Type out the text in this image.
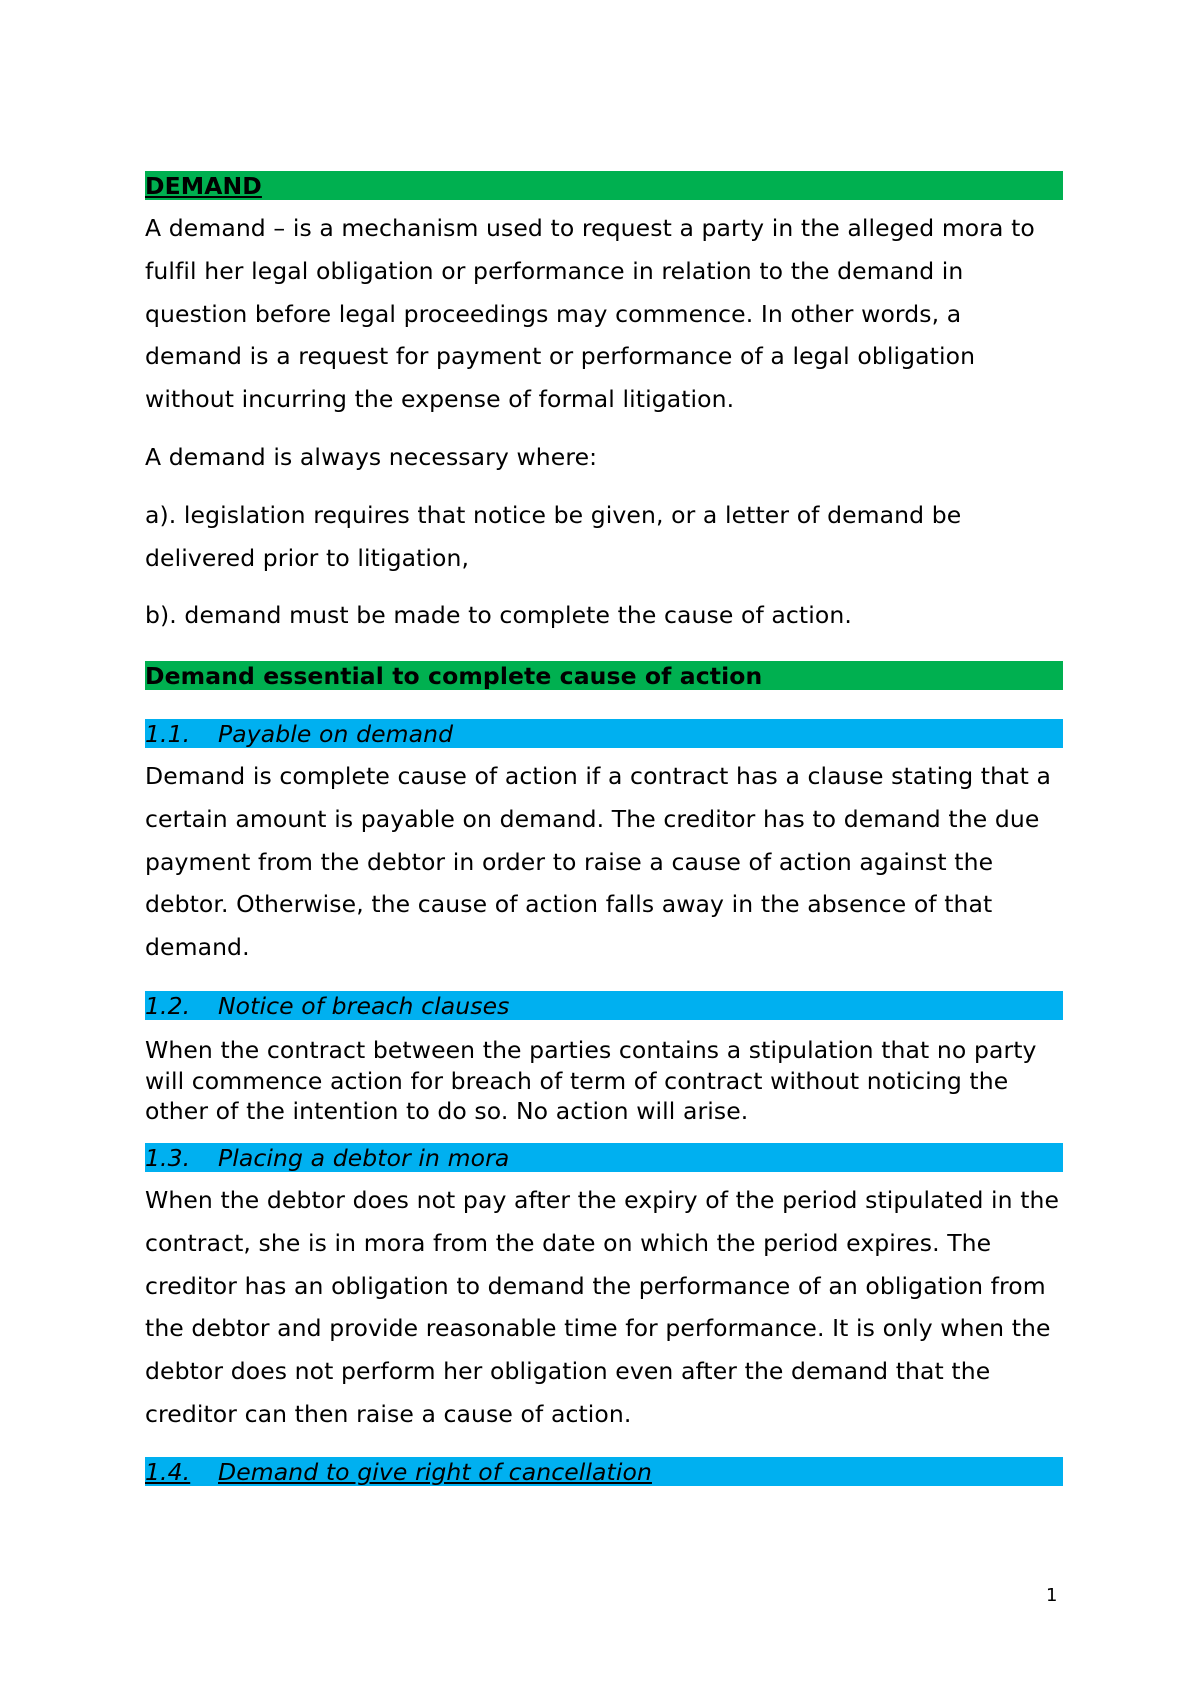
DEMAND
A demand – is a mechanism used to request a party in the alleged mora to fulfil her legal obligation or performance in relation to the demand in question before legal proceedings may commence. In other words, a demand is a request for payment or performance of a legal obligation without incurring the expense of formal litigation.
A demand is always necessary where:
a). legislation requires that notice be given, or a letter of demand be delivered prior to litigation,
b). demand must be made to complete the cause of action.
Demand essential to complete cause of action
1.1. Payable on demand
Demand is complete cause of action if a contract has a clause stating that a certain amount is payable on demand. The creditor has to demand the due payment from the debtor in order to raise a cause of action against the debtor. Otherwise, the cause of action falls away in the absence of that demand.
1.2. Notice of breach clauses
When the contract between the parties contains a stipulation that no party will commence action for breach of term of contract without noticing the other of the intention to do so. No action will arise.
1.3. Placing a debtor in mora
When the debtor does not pay after the expiry of the period stipulated in the contract, she is in mora from the date on which the period expires. The creditor has an obligation to demand the performance of an obligation from the debtor and provide reasonable time for performance. It is only when the debtor does not perform her obligation even after the demand that the creditor can then raise a cause of action.
1.4. Demand to give right of cancellation
1
